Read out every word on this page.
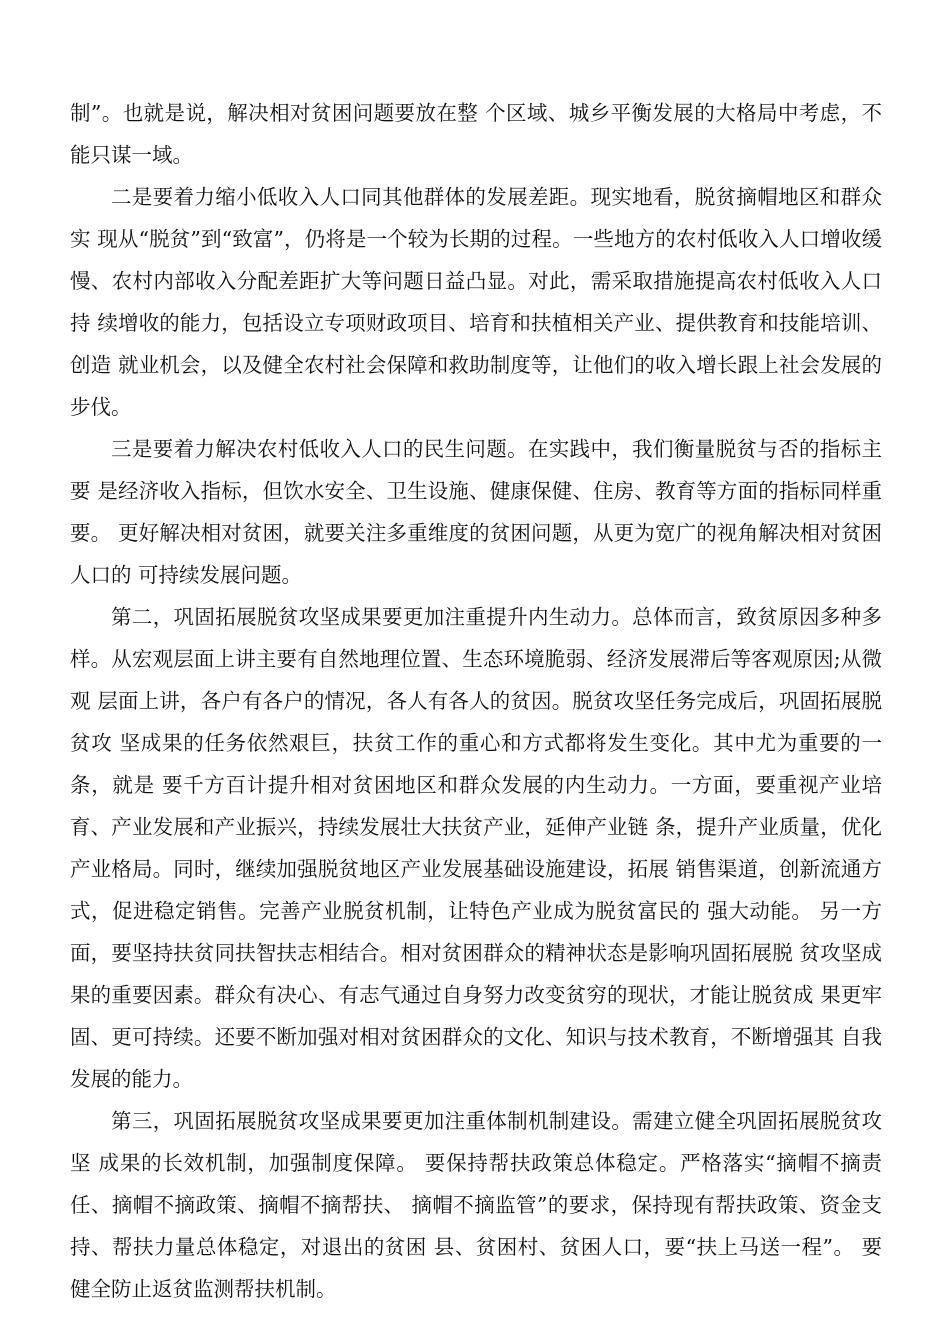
制”。也就是说，解决相对贫困问题要放在整 个区域、城乡平衡发展的大格局中考虑，不能只谋一域。

二是要着力缩小低收入人口同其他群体的发展差距。现实地看，脱贫摘帽地区和群众实 现从“脱贫”到“致富”，仍将是一个较为长期的过程。一些地方的农村低收入人口增收缓 慢、农村内部收入分配差距扩大等问题日益凸显。对此，需采取措施提高农村低收入人口持 续增收的能力，包括设立专项财政项目、培育和扶植相关产业、提供教育和技能培训、创造 就业机会，以及健全农村社会保障和救助制度等，让他们的收入增长跟上社会发展的步伐。

三是要着力解决农村低收入人口的民生问题。在实践中，我们衡量脱贫与否的指标主要 是经济收入指标，但饮水安全、卫生设施、健康保健、住房、教育等方面的指标同样重要。 更好解决相对贫困，就要关注多重维度的贫困问题，从更为宽广的视角解决相对贫困人口的 可持续发展问题。

第二，巩固拓展脱贫攻坚成果要更加注重提升内生动力。总体而言，致贫原因多种多 样。从宏观层面上讲主要有自然地理位置、生态环境脆弱、经济发展滞后等客观原因;从微观 层面上讲，各户有各户的情况，各人有各人的贫因。脱贫攻坚任务完成后，巩固拓展脱贫攻 坚成果的任务依然艰巨，扶贫工作的重心和方式都将发生变化。其中尤为重要的一条，就是 要千方百计提升相对贫困地区和群众发展的内生动力。一方面，要重视产业培育、产业发展和产业振兴，持续发展壮大扶贫产业，延伸产业链 条，提升产业质量，优化产业格局。同时，继续加强脱贫地区产业发展基础设施建设，拓展 销售渠道，创新流通方式，促进稳定销售。完善产业脱贫机制，让特色产业成为脱贫富民的 强大动能。 另一方面，要坚持扶贫同扶智扶志相结合。相对贫困群众的精神状态是影响巩固拓展脱 贫攻坚成果的重要因素。群众有决心、有志气通过自身努力改变贫穷的现状，才能让脱贫成 果更牢固、更可持续。还要不断加强对相对贫困群众的文化、知识与技术教育，不断增强其 自我发展的能力。

第三，巩固拓展脱贫攻坚成果要更加注重体制机制建设。需建立健全巩固拓展脱贫攻坚 成果的长效机制，加强制度保障。 要保持帮扶政策总体稳定。严格落实“摘帽不摘责任、摘帽不摘政策、摘帽不摘帮扶、 摘帽不摘监管”的要求，保持现有帮扶政策、资金支持、帮扶力量总体稳定，对退出的贫困 县、贫困村、贫困人口，要“扶上马送一程”。 要健全防止返贫监测帮扶机制。
